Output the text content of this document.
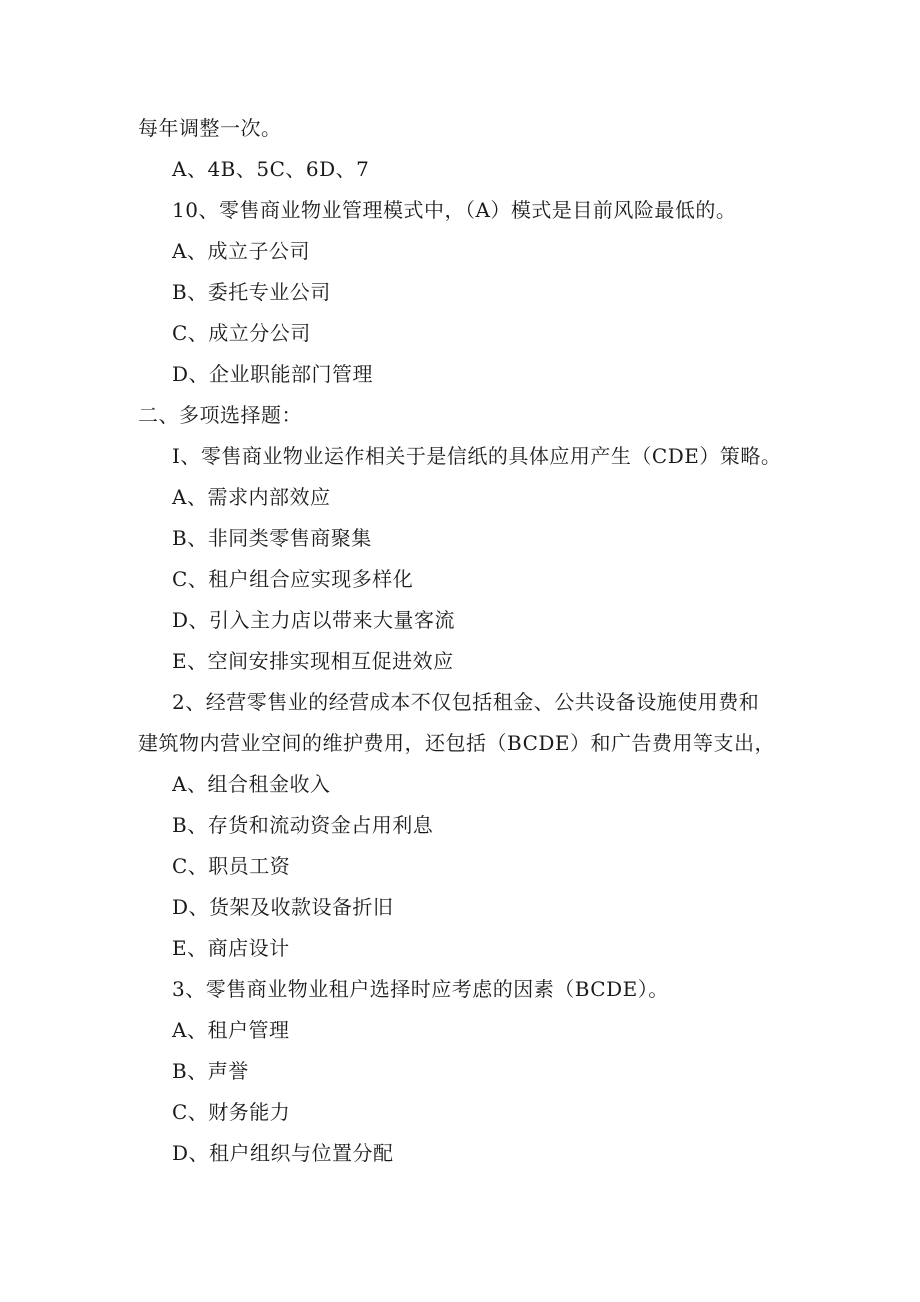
每年调整一次。
A、4B、5C、6D、7
10、零售商业物业管理模式中，（A）模式是目前风险最低的。
A、成立子公司
B、委托专业公司
C、成立分公司
D、企业职能部门管理
二、多项选择题：
I、零售商业物业运作相关于是信纸的具体应用产生（CDE）策略。
A、需求内部效应
B、非同类零售商聚集
C、租户组合应实现多样化
D、引入主力店以带来大量客流
E、空间安排实现相互促进效应
2、经营零售业的经营成本不仅包括租金、公共设备设施使用费和
建筑物内营业空间的维护费用，还包括（BCDE）和广告费用等支出，
A、组合租金收入
B、存货和流动资金占用利息
C、职员工资
D、货架及收款设备折旧
E、商店设计
3、零售商业物业租户选择时应考虑的因素（BCDE）。
A、租户管理
B、声誉
C、财务能力
D、租户组织与位置分配
